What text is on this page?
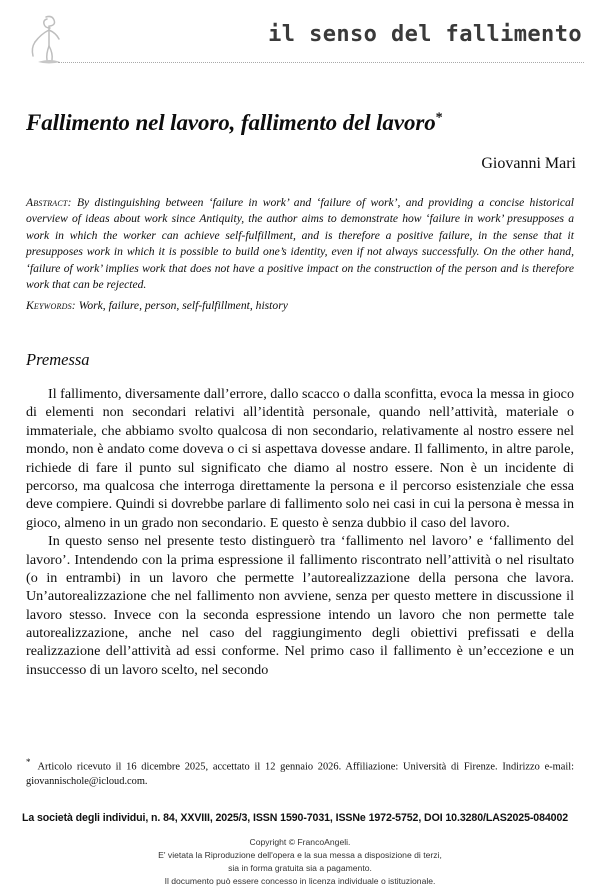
il senso del fallimento
Fallimento nel lavoro, fallimento del lavoro*
Giovanni Mari
Abstract: By distinguishing between ‘failure in work’ and ‘failure of work’, and providing a concise historical overview of ideas about work since Antiquity, the author aims to demonstrate how ‘failure in work’ presupposes a work in which the worker can achieve self-fulfillment, and is therefore a positive failure, in the sense that it presupposes work in which it is possible to build one’s identity, even if not always successfully. On the other hand, ‘failure of work’ implies work that does not have a positive impact on the construction of the person and is therefore work that can be rejected.
Keywords: Work, failure, person, self-fulfillment, history
Premessa

Il fallimento, diversamente dall’errore, dallo scacco o dalla sconfitta, evoca la messa in gioco di elementi non secondari relativi all’identità personale, quando nell’attività, materiale o immateriale, che abbiamo svolto qualcosa di non secondario, relativamente al nostro essere nel mondo, non è andato come doveva o ci si aspettava dovesse andare. Il fallimento, in altre parole, richiede di fare il punto sul significato che diamo al nostro essere. Non è un incidente di percorso, ma qualcosa che interroga direttamente la persona e il percorso esistenziale che essa deve compiere. Quindi si dovrebbe parlare di fallimento solo nei casi in cui la persona è messa in gioco, almeno in un grado non secondario. E questo è senza dubbio il caso del lavoro.

In questo senso nel presente testo distinguerò tra ‘fallimento nel lavoro’ e ‘fallimento del lavoro’. Intendendo con la prima espressione il fallimento riscontrato nell’attività o nel risultato (o in entrambi) in un lavoro che permette l’autorealizzazione della persona che lavora. Un’autorealizzazione che nel fallimento non avviene, senza per questo mettere in discussione il lavoro stesso. Invece con la seconda espressione intendo un lavoro che non permette tale autorealizzazione, anche nel caso del raggiungimento degli obiettivi prefissati e della realizzazione dell’attività ad essi conforme. Nel primo caso il fallimento è un’eccezione e un insuccesso di un lavoro scelto, nel secondo

* Articolo ricevuto il 16 dicembre 2025, accettato il 12 gennaio 2026. Affiliazione: Università di Firenze. Indirizzo e-mail: giovannischole@icloud.com.
La società degli individui, n. 84, XXVIII, 2025/3, ISSN 1590-7031, ISSNe 1972-5752, DOI 10.3280/LAS2025-084002
Copyright © FrancoAngeli.
E' vietata la Riproduzione dell'opera e la sua messa a disposizione di terzi,
sia in forma gratuita sia a pagamento.
Il documento può essere concesso in licenza individuale o istituzionale.
